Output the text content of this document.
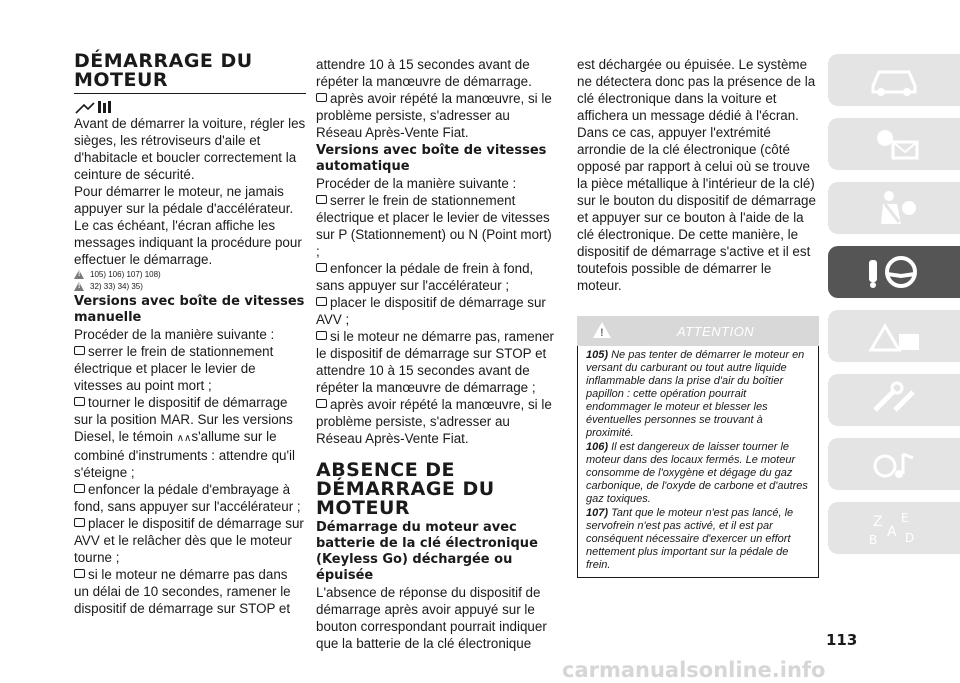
DÉMARRAGE DU MOTEUR

Avant de démarrer la voiture, régler les sièges, les rétroviseurs d'aile et d'habitacle et boucler correctement la ceinture de sécurité.

Pour démarrer le moteur, ne jamais appuyer sur la pédale d'accélérateur.

Le cas échéant, l'écran affiche les messages indiquant la procédure pour effectuer le démarrage.

! 105) 106) 107) 108)
! 32) 33) 34) 35)
Versions avec boîte de vitesses manuelle

Procéder de la manière suivante :

serrer le frein de stationnement électrique et placer le levier de vitesses au point mort ;

tourner le dispositif de démarrage sur la position MAR. Sur les versions Diesel, le témoin ∧∧s'allume sur le combiné d'instruments : attendre qu'il s'éteigne ;

enfoncer la pédale d'embrayage à fond, sans appuyer sur l'accélérateur ;

placer le dispositif de démarrage sur AVV et le relâcher dès que le moteur tourne ;

si le moteur ne démarre pas dans un délai de 10 secondes, ramener le dispositif de démarrage sur STOP et

attendre 10 à 15 secondes avant de répéter la manœuvre de démarrage.

après avoir répété la manœuvre, si le problème persiste, s'adresser au Réseau Après-Vente Fiat.

Versions avec boîte de vitesses automatique

Procéder de la manière suivante :

serrer le frein de stationnement électrique et placer le levier de vitesses sur P (Stationnement) ou N (Point mort) ;

enfoncer la pédale de frein à fond, sans appuyer sur l'accélérateur ;

placer le dispositif de démarrage sur AVV ;

si le moteur ne démarre pas, ramener le dispositif de démarrage sur STOP et attendre 10 à 15 secondes avant de répéter la manœuvre de démarrage ;

après avoir répété la manœuvre, si le problème persiste, s'adresser au Réseau Après-Vente Fiat.

ABSENCE DE DÉMARRAGE DU MOTEUR
Démarrage du moteur avec batterie de la clé électronique (Keyless Go) déchargée ou épuisée

L'absence de réponse du dispositif de démarrage après avoir appuyé sur le bouton correspondant pourrait indiquer que la batterie de la clé électronique

est déchargée ou épuisée. Le système ne détectera donc pas la présence de la clé électronique dans la voiture et affichera un message dédié à l'écran. Dans ce cas, appuyer l'extrémité arrondie de la clé électronique (côté opposé par rapport à celui où se trouve la pièce métallique à l'intérieur de la clé) sur le bouton du dispositif de démarrage et appuyer sur ce bouton à l'aide de la clé électronique. De cette manière, le dispositif de démarrage s'active et il est toutefois possible de démarrer le moteur.

!	ATTENTION

105) Ne pas tenter de démarrer le moteur en versant du carburant ou tout autre liquide inflammable dans la prise d'air du boîtier papillon : cette opération pourrait endommager le moteur et blesser les éventuelles personnes se trouvant à proximité.

106) Il est dangereux de laisser tourner le moteur dans des locaux fermés. Le moteur consomme de l'oxygène et dégage du gaz carbonique, de l'oxyde de carbone et d'autres gaz toxiques.

107) Tant que le moteur n'est pas lancé, le servofrein n'est pas activé, et il est par conséquent nécessaire d'exercer un effort nettement plus important sur la pédale de frein.

Z E
A
B D
113
carmanualsonline.info
